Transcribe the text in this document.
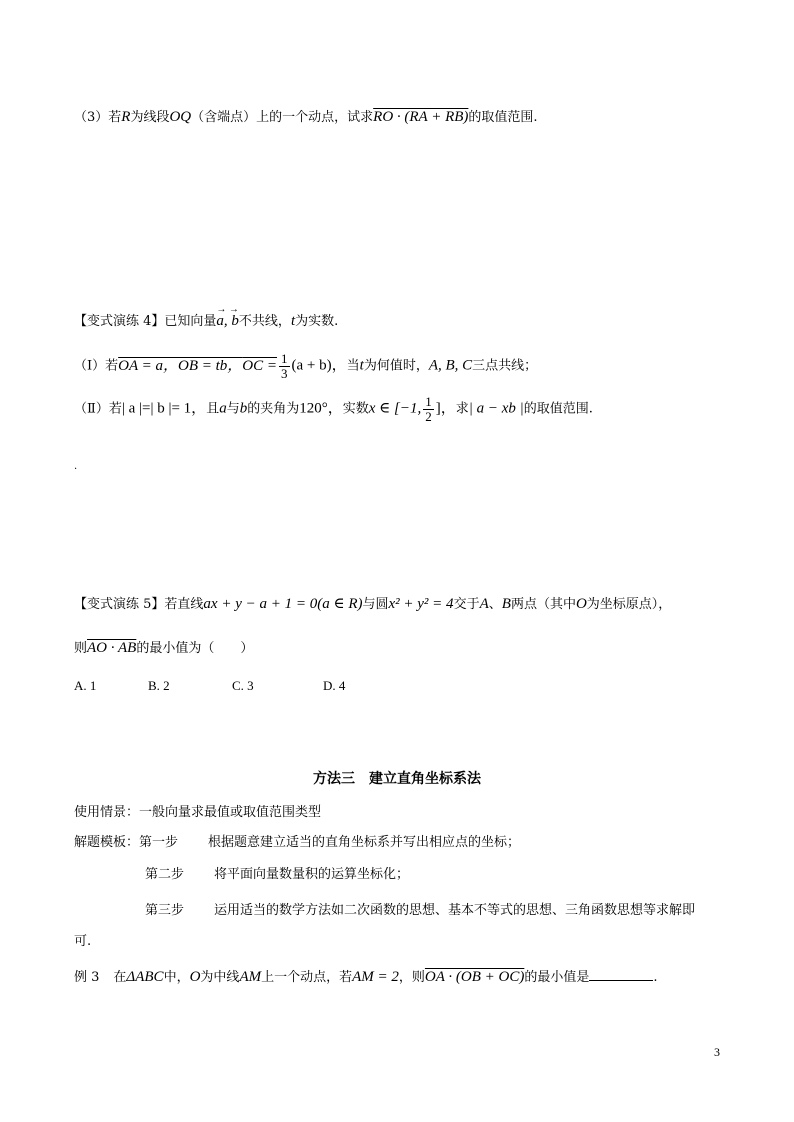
（3）若R为线段OQ（含端点）上的一个动点，试求RO · (RA + RB)的取值范围.
【变式演练 4】已知向量
→ →
a, b不共线，t为实数.
（Ⅰ）若OA = a，OB = tb，OC = $\frac{1}{3} (a + b)$，当t为何值时，A, B, C三点共线；
（Ⅱ）若| a |=| b |= 1，且a与b的夹角为120°，实数x ∈ [−1, $\frac{1}{2}$ ]，求| a − xb |的取值范围.
.
【变式演练 5】若直线ax + y − a + 1 = 0(a ∈ R)与圆x² + y² = 4交于A、B两点（其中O为坐标原点），
则AO · AB的最小值为（　　）
A. 1	B. 2	C. 3	D. 4
方法三　建立直角坐标系法
使用情景：一般向量求最值或取值范围类型
解题模板：第一步 根据题意建立适当的直角坐标系并写出相应点的坐标；
第二步 将平面向量数量积的运算坐标化；
第三步 运用适当的数学方法如二次函数的思想、基本不等式的思想、三角函数思想等求解即
可.
例 3 在ΔABC中，O为中线AM上一个动点，若AM = 2，则OA · (OB + OC)的最小值是	.
3
